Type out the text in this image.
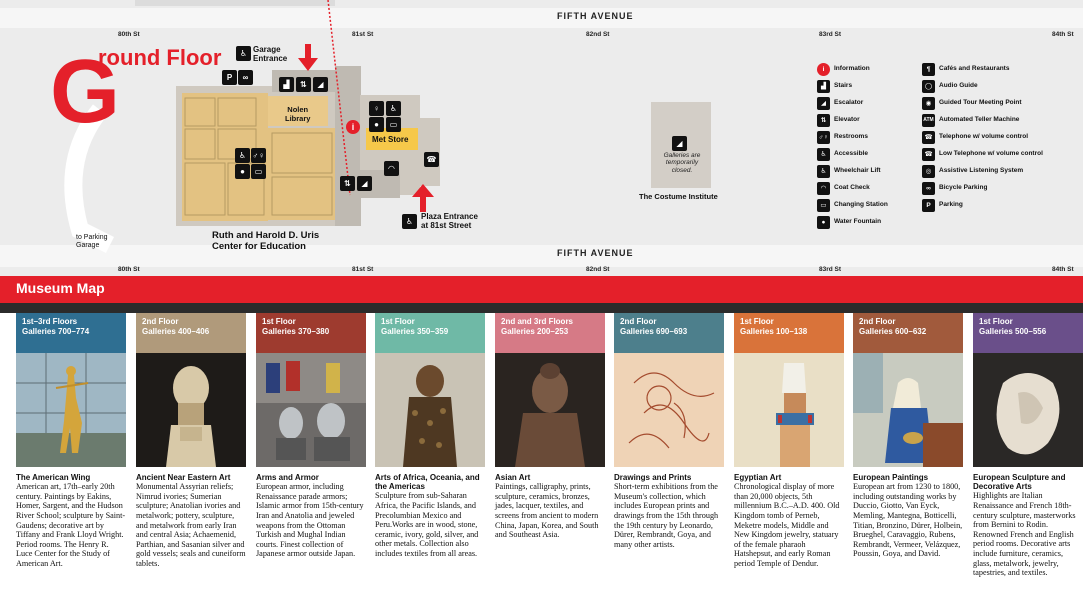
FIFTH AVENUE
FIFTH AVENUE
80th St	81st St	82nd St	83rd St	84th St
80th St	81st St	82nd St	83rd St	84th St
G
round Floor
Met Store
Nolen
Library
♿ Garage
Entrance
P	∞
▟	⇅	◢
♀	♿
●	▭
i
☎
◠
♿ ♂♀
●	▭
⇅	◢
♿
Plaza Entrance
at 81st Street
Ruth and Harold D. Uris
Center for Education
to Parking
Garage
◢
Galleries are
temporarily
closed.
The Costume Institute
i	Information
▟	Stairs
◢	Escalator
⇅	Elevator
♂♀ Restrooms
♿	Accessible
♿	Wheelchair Lift
◠	Coat Check
▭	Changing Station
●	Water Fountain
¶	Cafés and Restaurants
◯	Audio Guide
◉	Guided Tour Meeting Point
ATM Automated Teller Machine
☎ Telephone w/ volume control
☎ Low Telephone w/ volume control
◎	Assistive Listening System
∞	Bicycle Parking
P	Parking
Museum Map
1st–3rd Floors
Galleries 700–774
The American Wing
American art, 17th–early 20th century. Paintings by Eakins, Homer, Sargent, and the Hudson River School; sculpture by Saint-Gaudens; decorative art by Tiffany and Frank Lloyd Wright. Period rooms. The Henry R. Luce Center for the Study of American Art.
2nd Floor
Galleries 400–406
Ancient Near Eastern Art
Monumental Assyrian reliefs; Nimrud ivories; Sumerian sculpture; Anatolian ivories and metalwork; pottery, sculpture, and metalwork from early Iran and central Asia; Achaemenid, Parthian, and Sasanian silver and gold vessels; seals and cuneiform tablets.
1st Floor
Galleries 370–380
Arms and Armor
European armor, including Renaissance parade armors; Islamic armor from 15th-century Iran and Anatolia and jeweled weapons from the Ottoman Turkish and Mughal Indian courts. Finest collection of Japanese armor outside Japan.
1st Floor
Galleries 350–359
Arts of Africa, Oceania, and the Americas
Sculpture from sub-Saharan Africa, the Pacific Islands, and Precolumbian Mexico and Peru.Works are in wood, stone, ceramic, ivory, gold, silver, and other metals. Collection also includes textiles from all areas.
2nd and 3rd Floors
Galleries 200–253
Asian Art
Paintings, calligraphy, prints, sculpture, ceramics, bronzes, jades, lacquer, textiles, and screens from ancient to modern China, Japan, Korea, and South and Southeast Asia.
2nd Floor
Galleries 690–693
Drawings and Prints
Short-term exhibitions from the Museum's collection, which includes European prints and drawings from the 15th through the 19th century by Leonardo, Dürer, Rembrandt, Goya, and many other artists.
1st Floor
Galleries 100–138
Egyptian Art
Chronological display of more than 20,000 objects, 5th millennium B.C.–A.D. 400. Old Kingdom tomb of Perneb, Meketre models, Middle and New Kingdom jewelry, statuary of the female pharaoh Hatshepsut, and early Roman period Temple of Dendur.
2nd Floor
Galleries 600–632
European Paintings
European art from 1230 to 1800, including outstanding works by Duccio, Giotto, Van Eyck, Memling, Mantegna, Botticelli, Titian, Bronzino, Dürer, Holbein, Brueghel, Caravaggio, Rubens, Rembrandt, Vermeer, Velázquez, Poussin, Goya, and David.
1st Floor
Galleries 500–556
European Sculpture and Decorative Arts
Highlights are Italian Renaissance and French 18th-century sculpture, masterworks from Bernini to Rodin. Renowned French and English period rooms. Decorative arts include furniture, ceramics, glass, metalwork, jewelry, tapestries, and textiles.
